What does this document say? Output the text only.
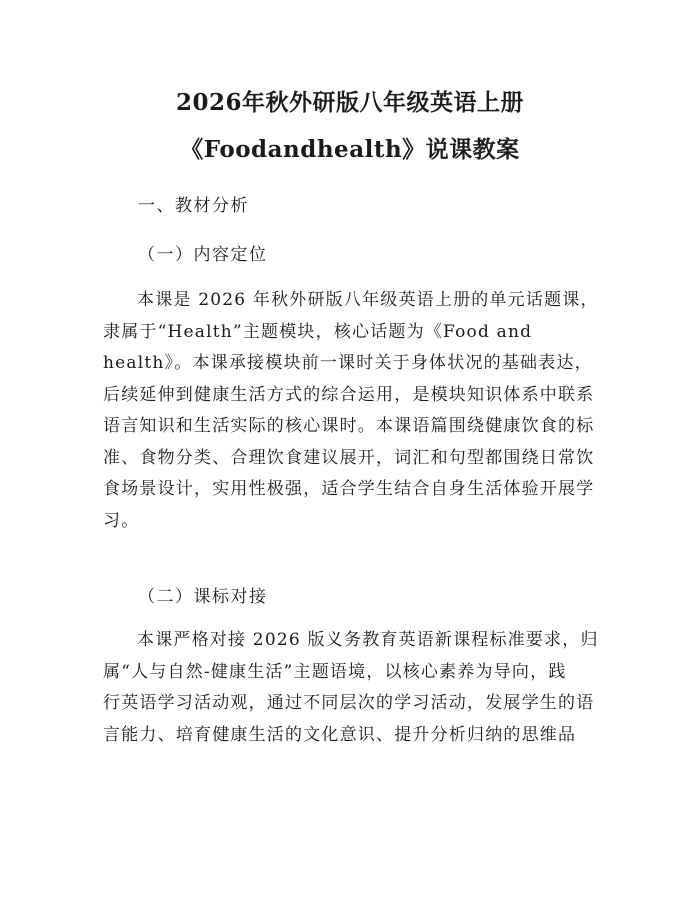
2026年秋外研版八年级英语上册
《Foodandhealth》说课教案
一、教材分析
（一）内容定位

本课是 2026 年秋外研版八年级英语上册的单元话题课，
隶属于“Health”主题模块，核心话题为《Food and
health》。本课承接模块前一课时关于身体状况的基础表达，
后续延伸到健康生活方式的综合运用，是模块知识体系中联系
语言知识和生活实际的核心课时。本课语篇围绕健康饮食的标
准、食物分类、合理饮食建议展开，词汇和句型都围绕日常饮
食场景设计，实用性极强，适合学生结合自身生活体验开展学
习。

（二）课标对接

本课严格对接 2026 版义务教育英语新课程标准要求，归
属“人与自然-健康生活”主题语境，以核心素养为导向，践
行英语学习活动观，通过不同层次的学习活动，发展学生的语
言能力、培育健康生活的文化意识、提升分析归纳的思维品
